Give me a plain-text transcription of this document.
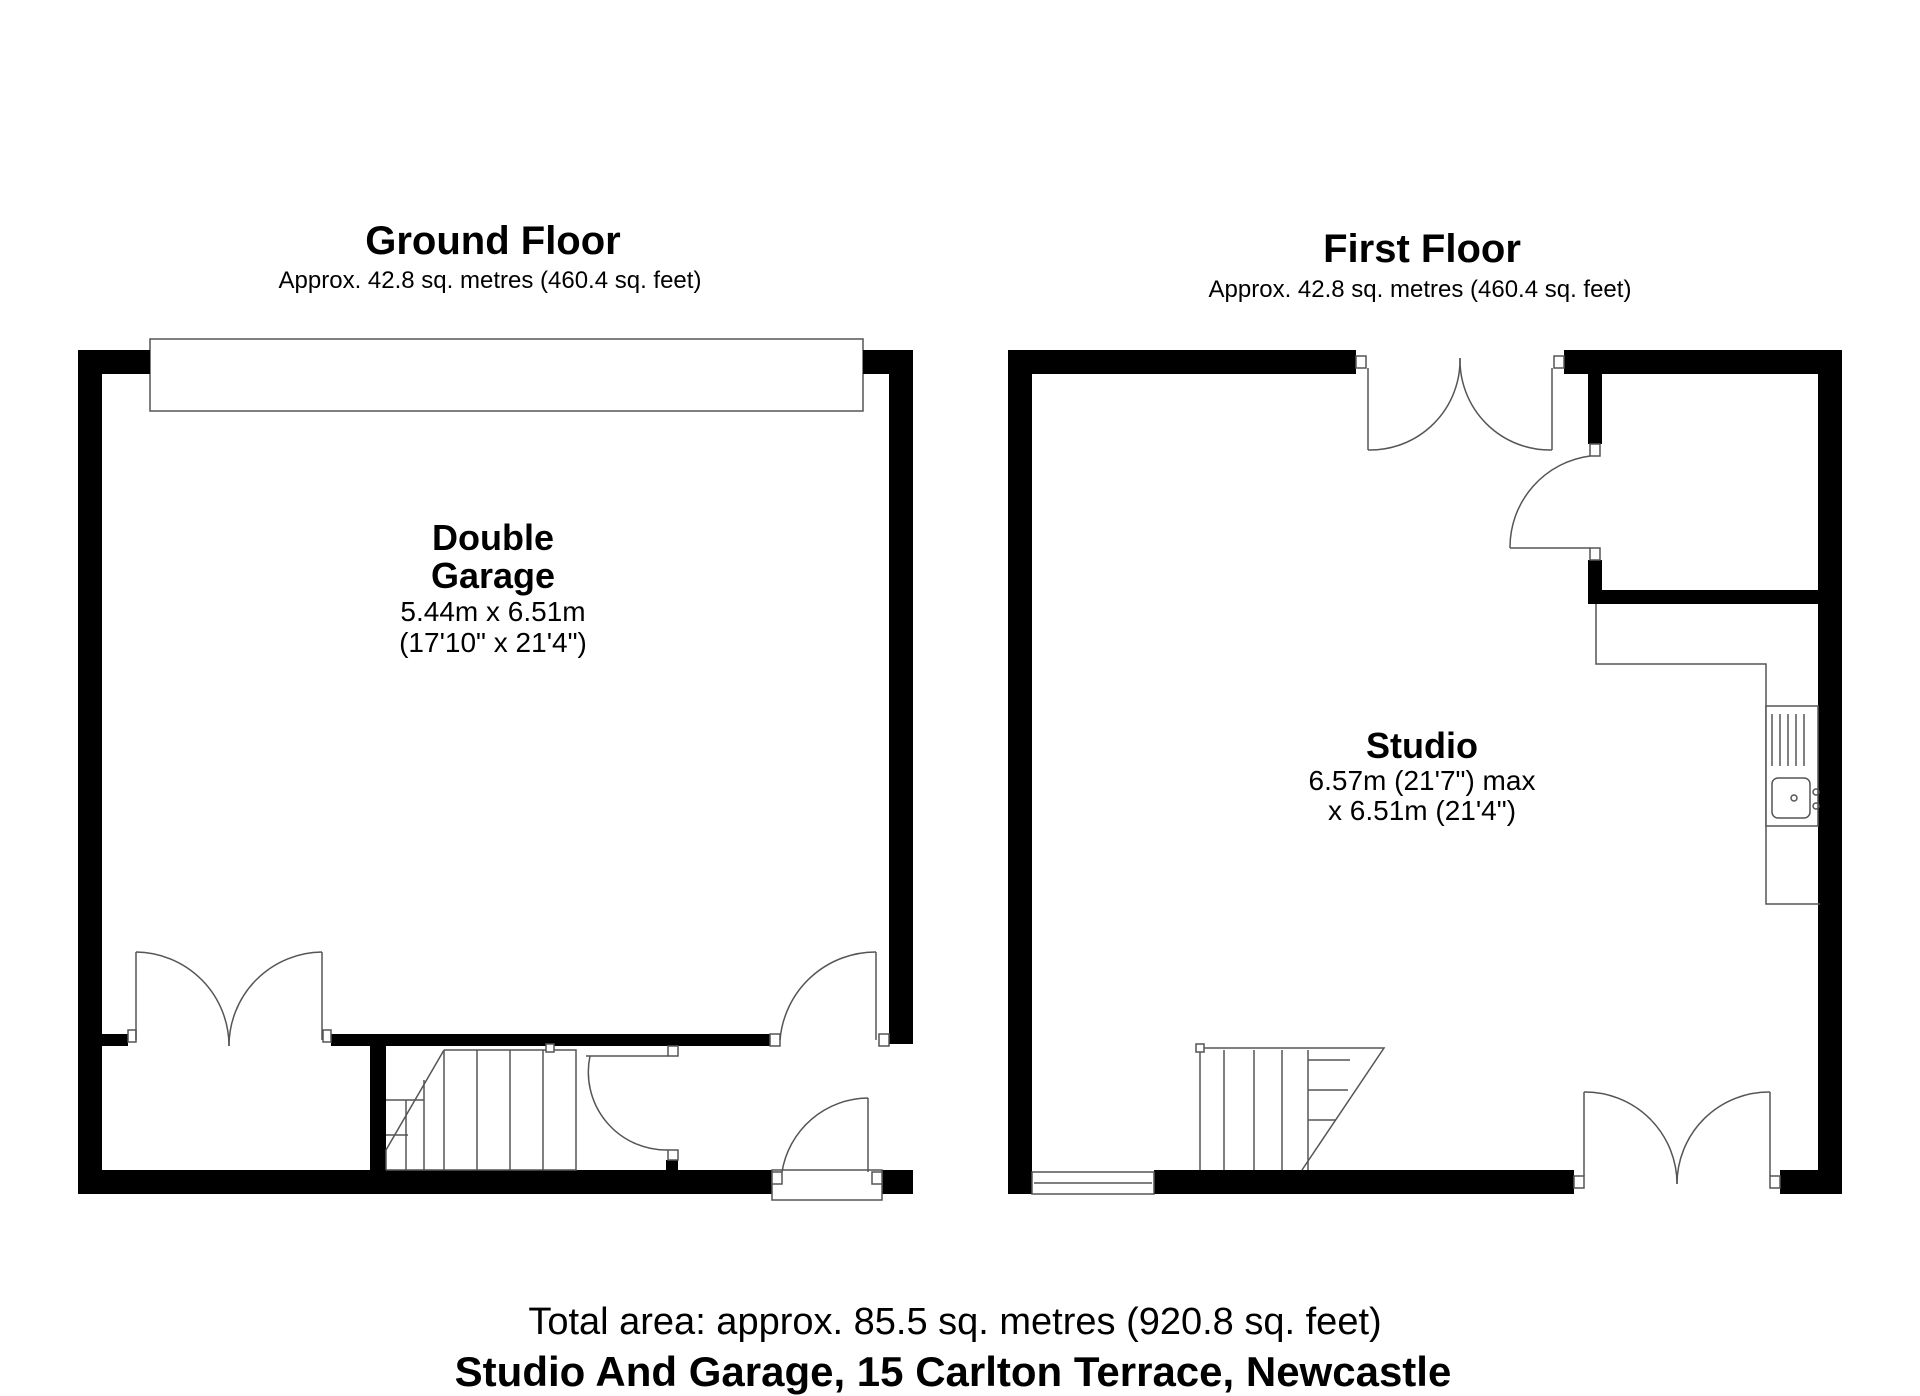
Ground Floor
Approx. 42.8 sq. metres (460.4 sq. feet)
Double
Garage
5.44m x 6.51m
(17'10" x 21'4")
First Floor
Approx. 42.8 sq. metres (460.4 sq. feet)
Studio
6.57m (21'7") max
x 6.51m (21'4")
Total area: approx. 85.5 sq. metres (920.8 sq. feet)
Studio And Garage, 15 Carlton Terrace, Newcastle
